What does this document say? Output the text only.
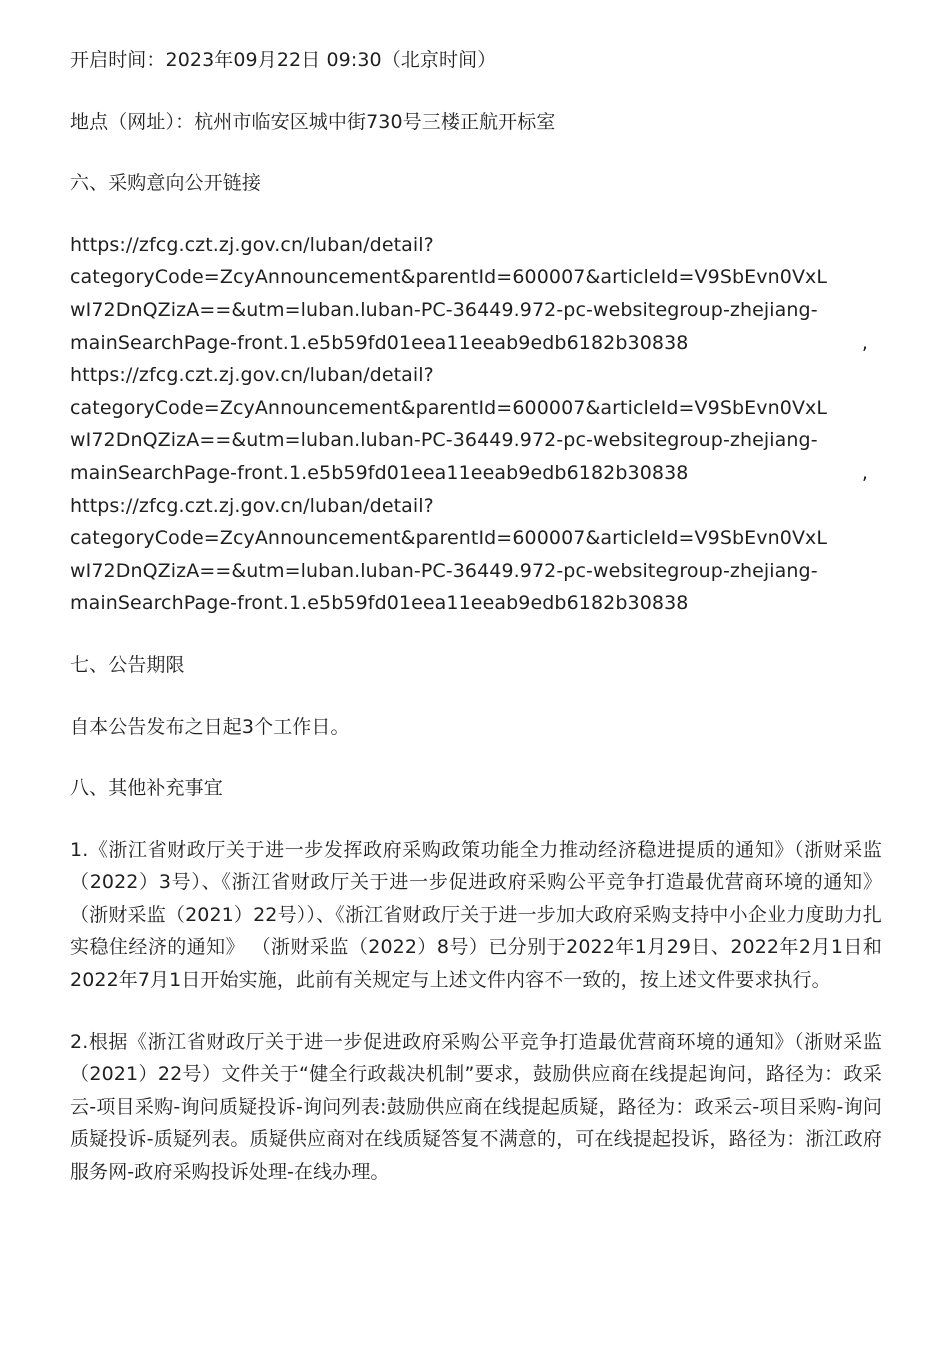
开启时间：2023年09月22日 09:30（北京时间）

地点（网址）：杭州市临安区城中街730号三楼正航开标室

六、采购意向公开链接

https://zfcg.czt.zj.gov.cn/luban/detail?
categoryCode=ZcyAnnouncement&parentId=600007&articleId=V9SbEvn0VxL
wI72DnQZizA==&utm=luban.luban-PC-36449.972-pc-websitegroup-zhejiang-
mainSearchPage-front.1.e5b59fd01eea11eeab9edb6182b30838	,
https://zfcg.czt.zj.gov.cn/luban/detail?
categoryCode=ZcyAnnouncement&parentId=600007&articleId=V9SbEvn0VxL
wI72DnQZizA==&utm=luban.luban-PC-36449.972-pc-websitegroup-zhejiang-
mainSearchPage-front.1.e5b59fd01eea11eeab9edb6182b30838	,
https://zfcg.czt.zj.gov.cn/luban/detail?
categoryCode=ZcyAnnouncement&parentId=600007&articleId=V9SbEvn0VxL
wI72DnQZizA==&utm=luban.luban-PC-36449.972-pc-websitegroup-zhejiang-
mainSearchPage-front.1.e5b59fd01eea11eeab9edb6182b30838

七、公告期限

自本公告发布之日起3个工作日。

八、其他补充事宜

1.《浙江省财政厅关于进一步发挥政府采购政策功能全力推动经济稳进提质的通知》（浙财采监（2022）3号）、《浙江省财政厅关于进一步促进政府采购公平竞争打造最优营商环境的通知》（浙财采监（2021）22号））、《浙江省财政厅关于进一步加大政府采购支持中小企业力度助力扎实稳住经济的通知》 （浙财采监（2022）8号）已分别于2022年1月29日、2022年2月1日和2022年7月1日开始实施，此前有关规定与上述文件内容不一致的，按上述文件要求执行。

2.根据《浙江省财政厅关于进一步促进政府采购公平竞争打造最优营商环境的通知》（浙财采监（2021）22号）文件关于“健全行政裁决机制”要求，鼓励供应商在线提起询问，路径为：政采云-项目采购-询问质疑投诉-询问列表:鼓励供应商在线提起质疑，路径为：政采云-项目采购-询问质疑投诉-质疑列表。质疑供应商对在线质疑答复不满意的，可在线提起投诉，路径为：浙江政府服务网-政府采购投诉处理-在线办理。
